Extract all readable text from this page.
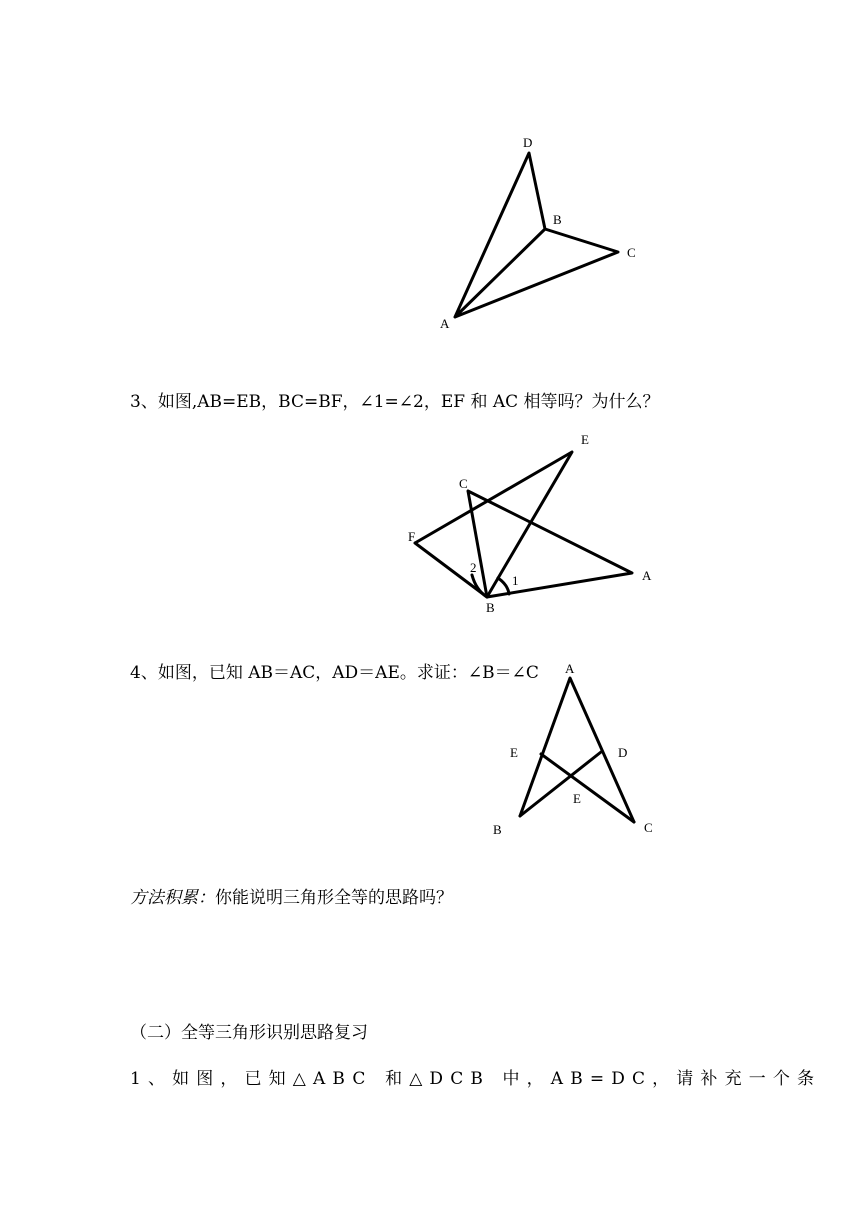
D
B
C
A
3、如图,AB=EB，BC=BF，∠1=∠2，EF 和 AC 相等吗？为什么？
E
C
F
2
1	A
B
4、如图，已知 AB＝AC，AD＝AE。求证：∠B＝∠C A
E	D
E
B	C
方法积累：你能说明三角形全等的思路吗？
（二）全等三角形识别思路复习
1、如图，已知△ABC 和△DCB 中，AB=DC，请补充一个条
